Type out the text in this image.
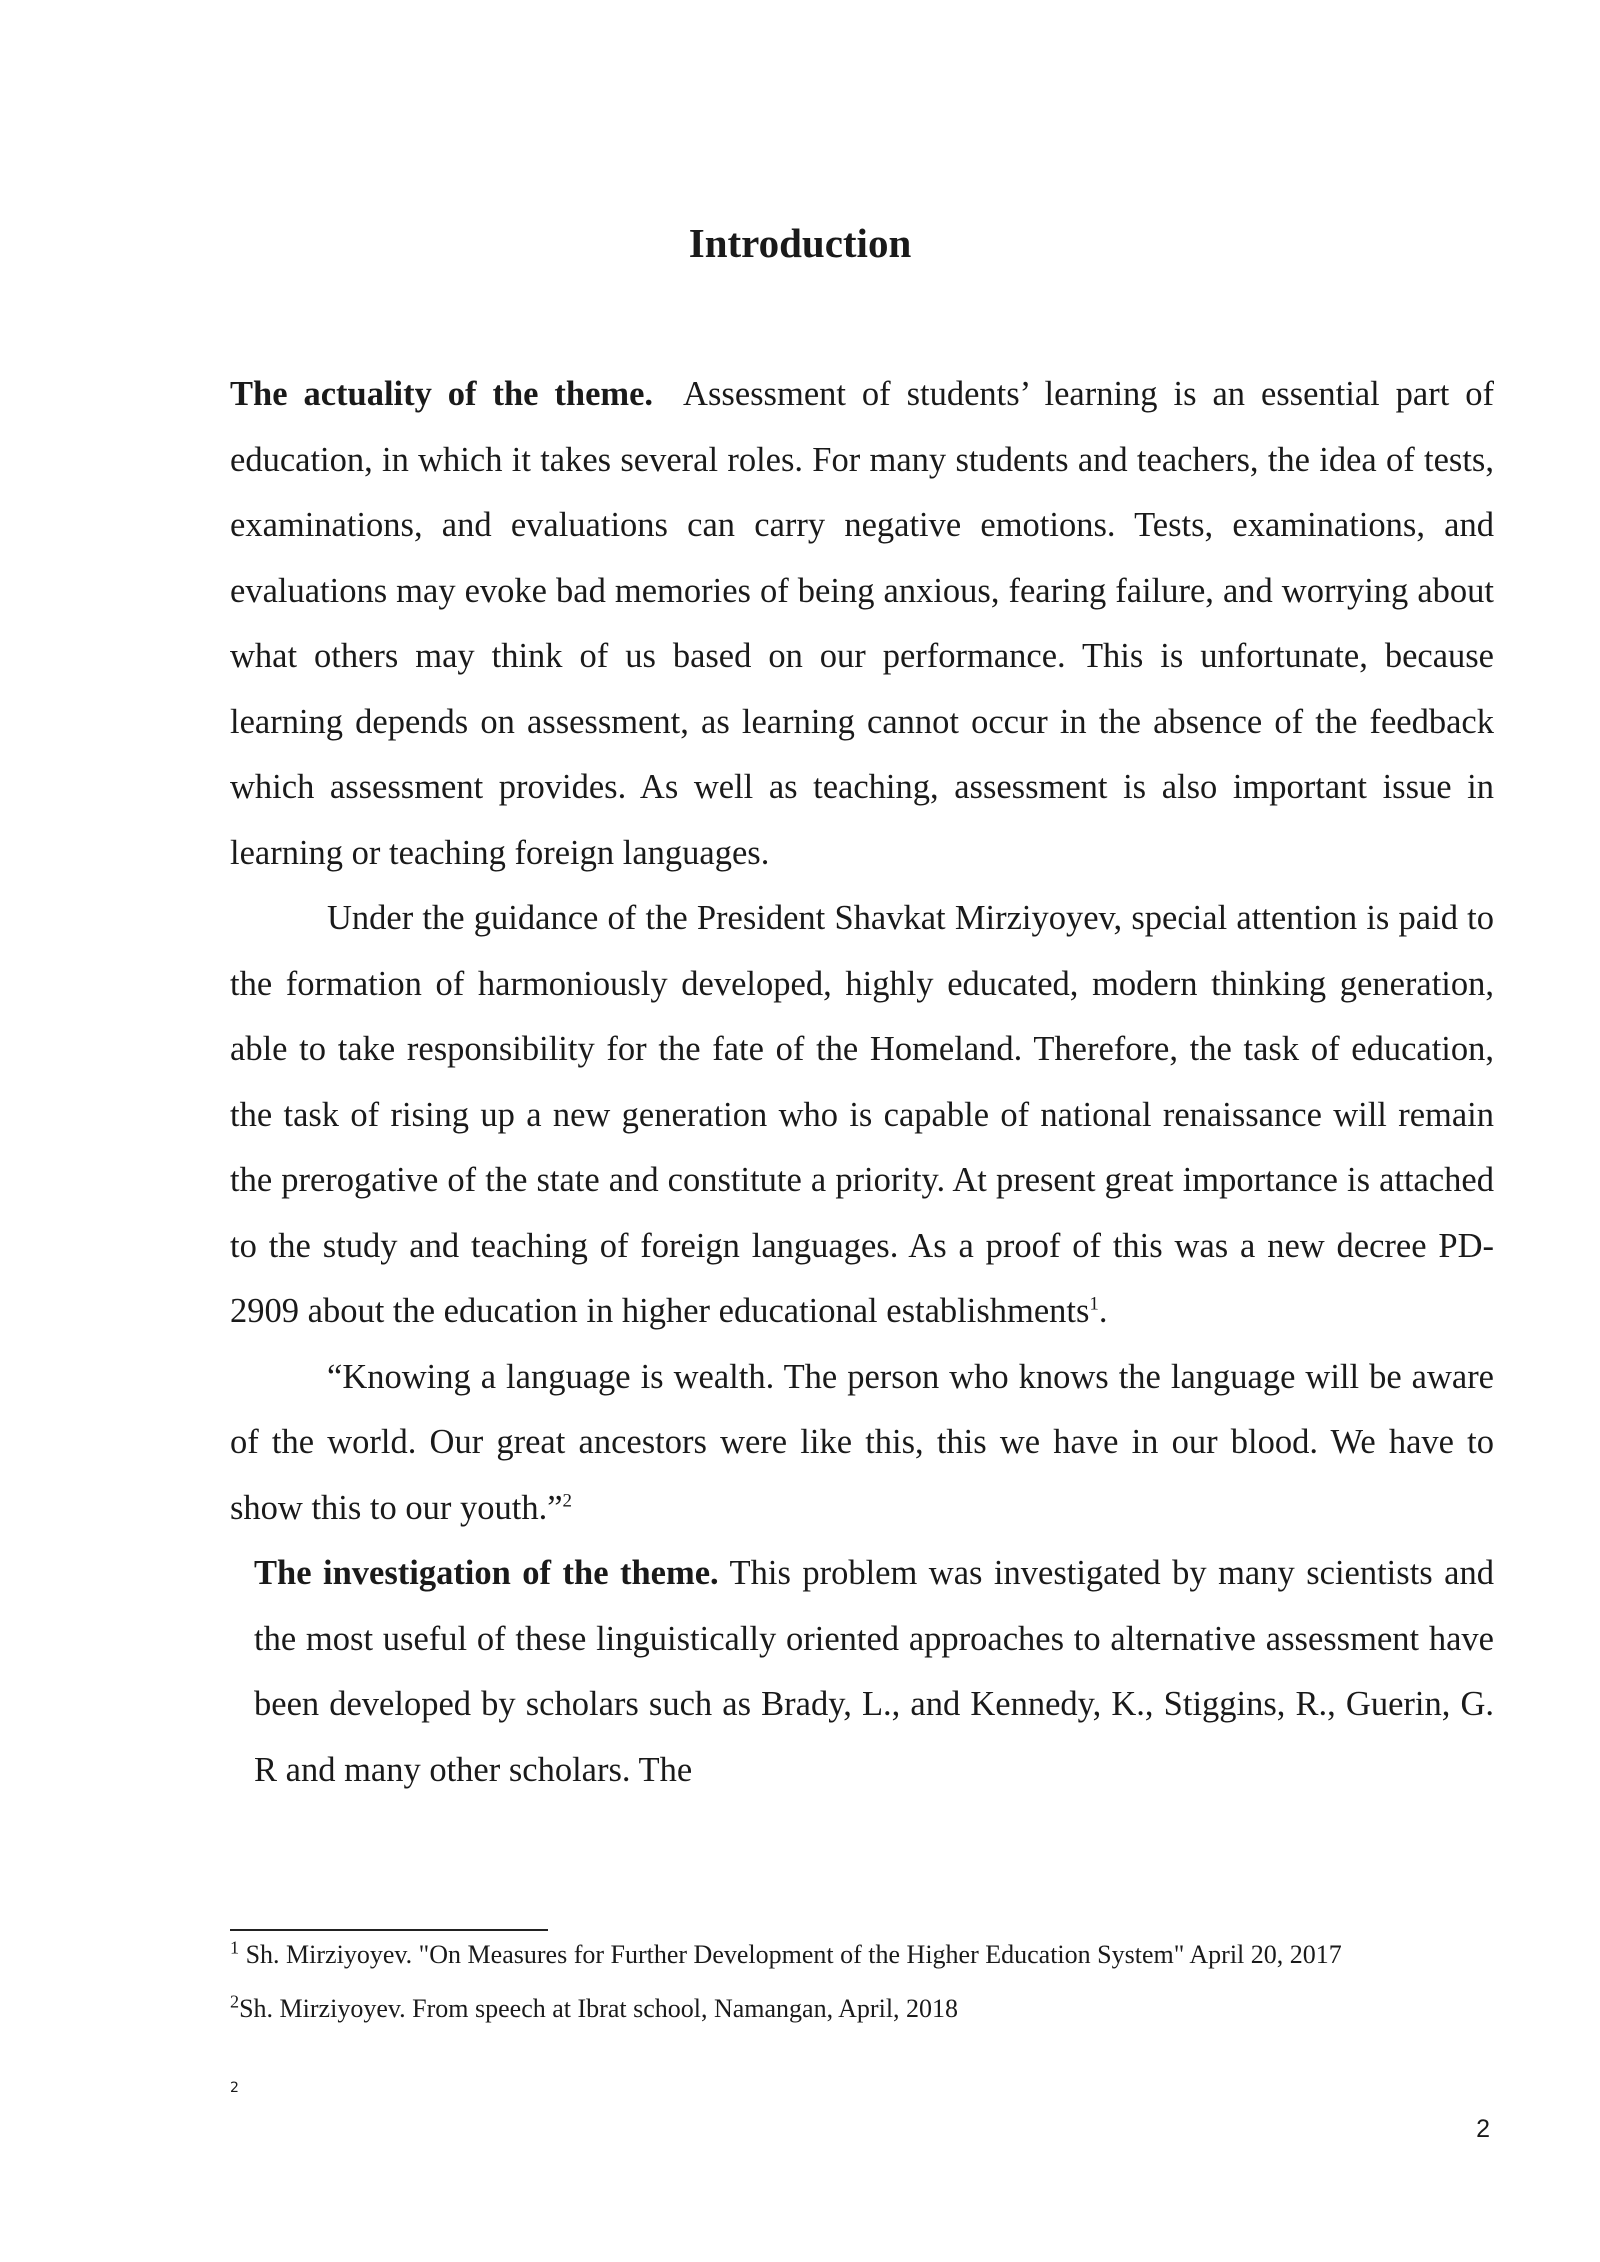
Introduction

The actuality of the theme. Assessment of students’ learning is an essential part of education, in which it takes several roles. For many students and teachers, the idea of tests, examinations, and evaluations can carry negative emotions. Tests, examinations, and evaluations may evoke bad memories of being anxious, fearing failure, and worrying about what others may think of us based on our performance. This is unfortunate, because learning depends on assessment, as learning cannot occur in the absence of the feedback which assessment provides. As well as teaching, assessment is also important issue in learning or teaching foreign languages.

Under the guidance of the President Shavkat Mirziyoyev, special attention is paid to the formation of harmoniously developed, highly educated, modern thinking generation, able to take responsibility for the fate of the Homeland. Therefore, the task of education, the task of rising up a new generation who is capable of national renaissance will remain the prerogative of the state and constitute a priority. At present great importance is attached to the study and teaching of foreign languages. As a proof of this was a new decree PD-2909 about the education in higher educational establishments$^1$.

“Knowing a language is wealth. The person who knows the language will be aware of the world. Our great ancestors were like this, this we have in our blood. We have to show this to our youth.”$^2$

The investigation of the theme. This problem was investigated by many scientists and the most useful of these linguistically oriented approaches to alternative assessment have been developed by scholars such as Brady, L., and Kennedy, K., Stiggins, R., Guerin, G. R and many other scholars. The

$^1$ Sh. Mirziyoyev. "On Measures for Further Development of the Higher Education System" April 20, 2017
$^2$Sh. Mirziyoyev. From speech at Ibrat school, Namangan, April, 2018
2
2
